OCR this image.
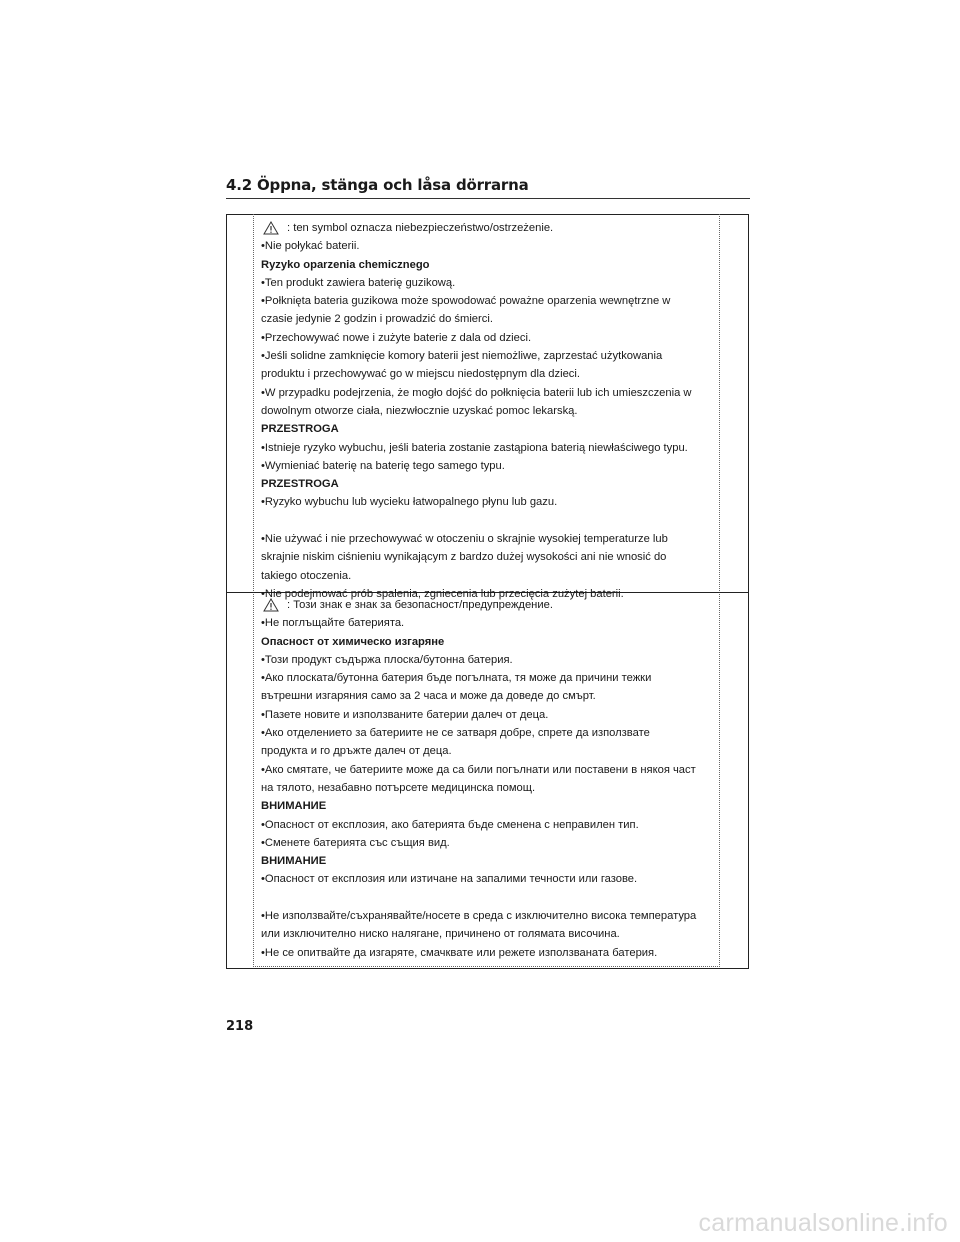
4.2 Öppna, stänga och låsa dörrarna

: ten symbol oznacza niebezpieczeństwo/ostrzeżenie.

•Nie połykać baterii.

Ryzyko oparzenia chemicznego

•Ten produkt zawiera baterię guzikową.

•Połknięta bateria guzikowa może spowodować poważne oparzenia wewnętrzne w

czasie jedynie 2 godzin i prowadzić do śmierci.

•Przechowywać nowe i zużyte baterie z dala od dzieci.

•Jeśli solidne zamknięcie komory baterii jest niemożliwe, zaprzestać użytkowania

produktu i przechowywać go w miejscu niedostępnym dla dzieci.

•W przypadku podejrzenia, że mogło dojść do połknięcia baterii lub ich umieszczenia w

dowolnym otworze ciała, niezwłocznie uzyskać pomoc lekarską.

PRZESTROGA

•Istnieje ryzyko wybuchu, jeśli bateria zostanie zastąpiona baterią niewłaściwego typu.

•Wymieniać baterię na baterię tego samego typu.

PRZESTROGA

•Ryzyko wybuchu lub wycieku łatwopalnego płynu lub gazu.

•Nie używać i nie przechowywać w otoczeniu o skrajnie wysokiej temperaturze lub

skrajnie niskim ciśnieniu wynikającym z bardzo dużej wysokości ani nie wnosić do

takiego otoczenia.

•Nie podejmować prób spalenia, zgniecenia lub przecięcia zużytej baterii.

: Този знак е знак за безопасност/предупреждение.

•Не поглъщайте батерията.

Опасност от химическо изгаряне

•Този продукт съдържа плоска/бутонна батерия.

•Ако плоската/бутонна батерия бъде погълната, тя може да причини тежки

вътрешни изгаряния само за 2 часа и може да доведе до смърт.

•Пазете новите и използваните батерии далеч от деца.

•Ако отделението за батериите не се затваря добре, спрете да използвате

продукта и го дръжте далеч от деца.

•Ако смятате, че батериите може да са били погълнати или поставени в някоя част

на тялото, незабавно потърсете медицинска помощ.

ВНИМАНИЕ

•Опасност от експлозия, ако батерията бъде сменена с неправилен тип.

•Сменете батерията със същия вид.

ВНИМАНИЕ

•Опасност от експлозия или изтичане на запалими течности или газове.

•Не използвайте/съхранявайте/носете в среда с изключително висока температура

или изключително ниско налягане, причинено от голямата височина.

•Не се опитвайте да изгаряте, смачквате или режете използваната батерия.

218
carmanualsonline.info
